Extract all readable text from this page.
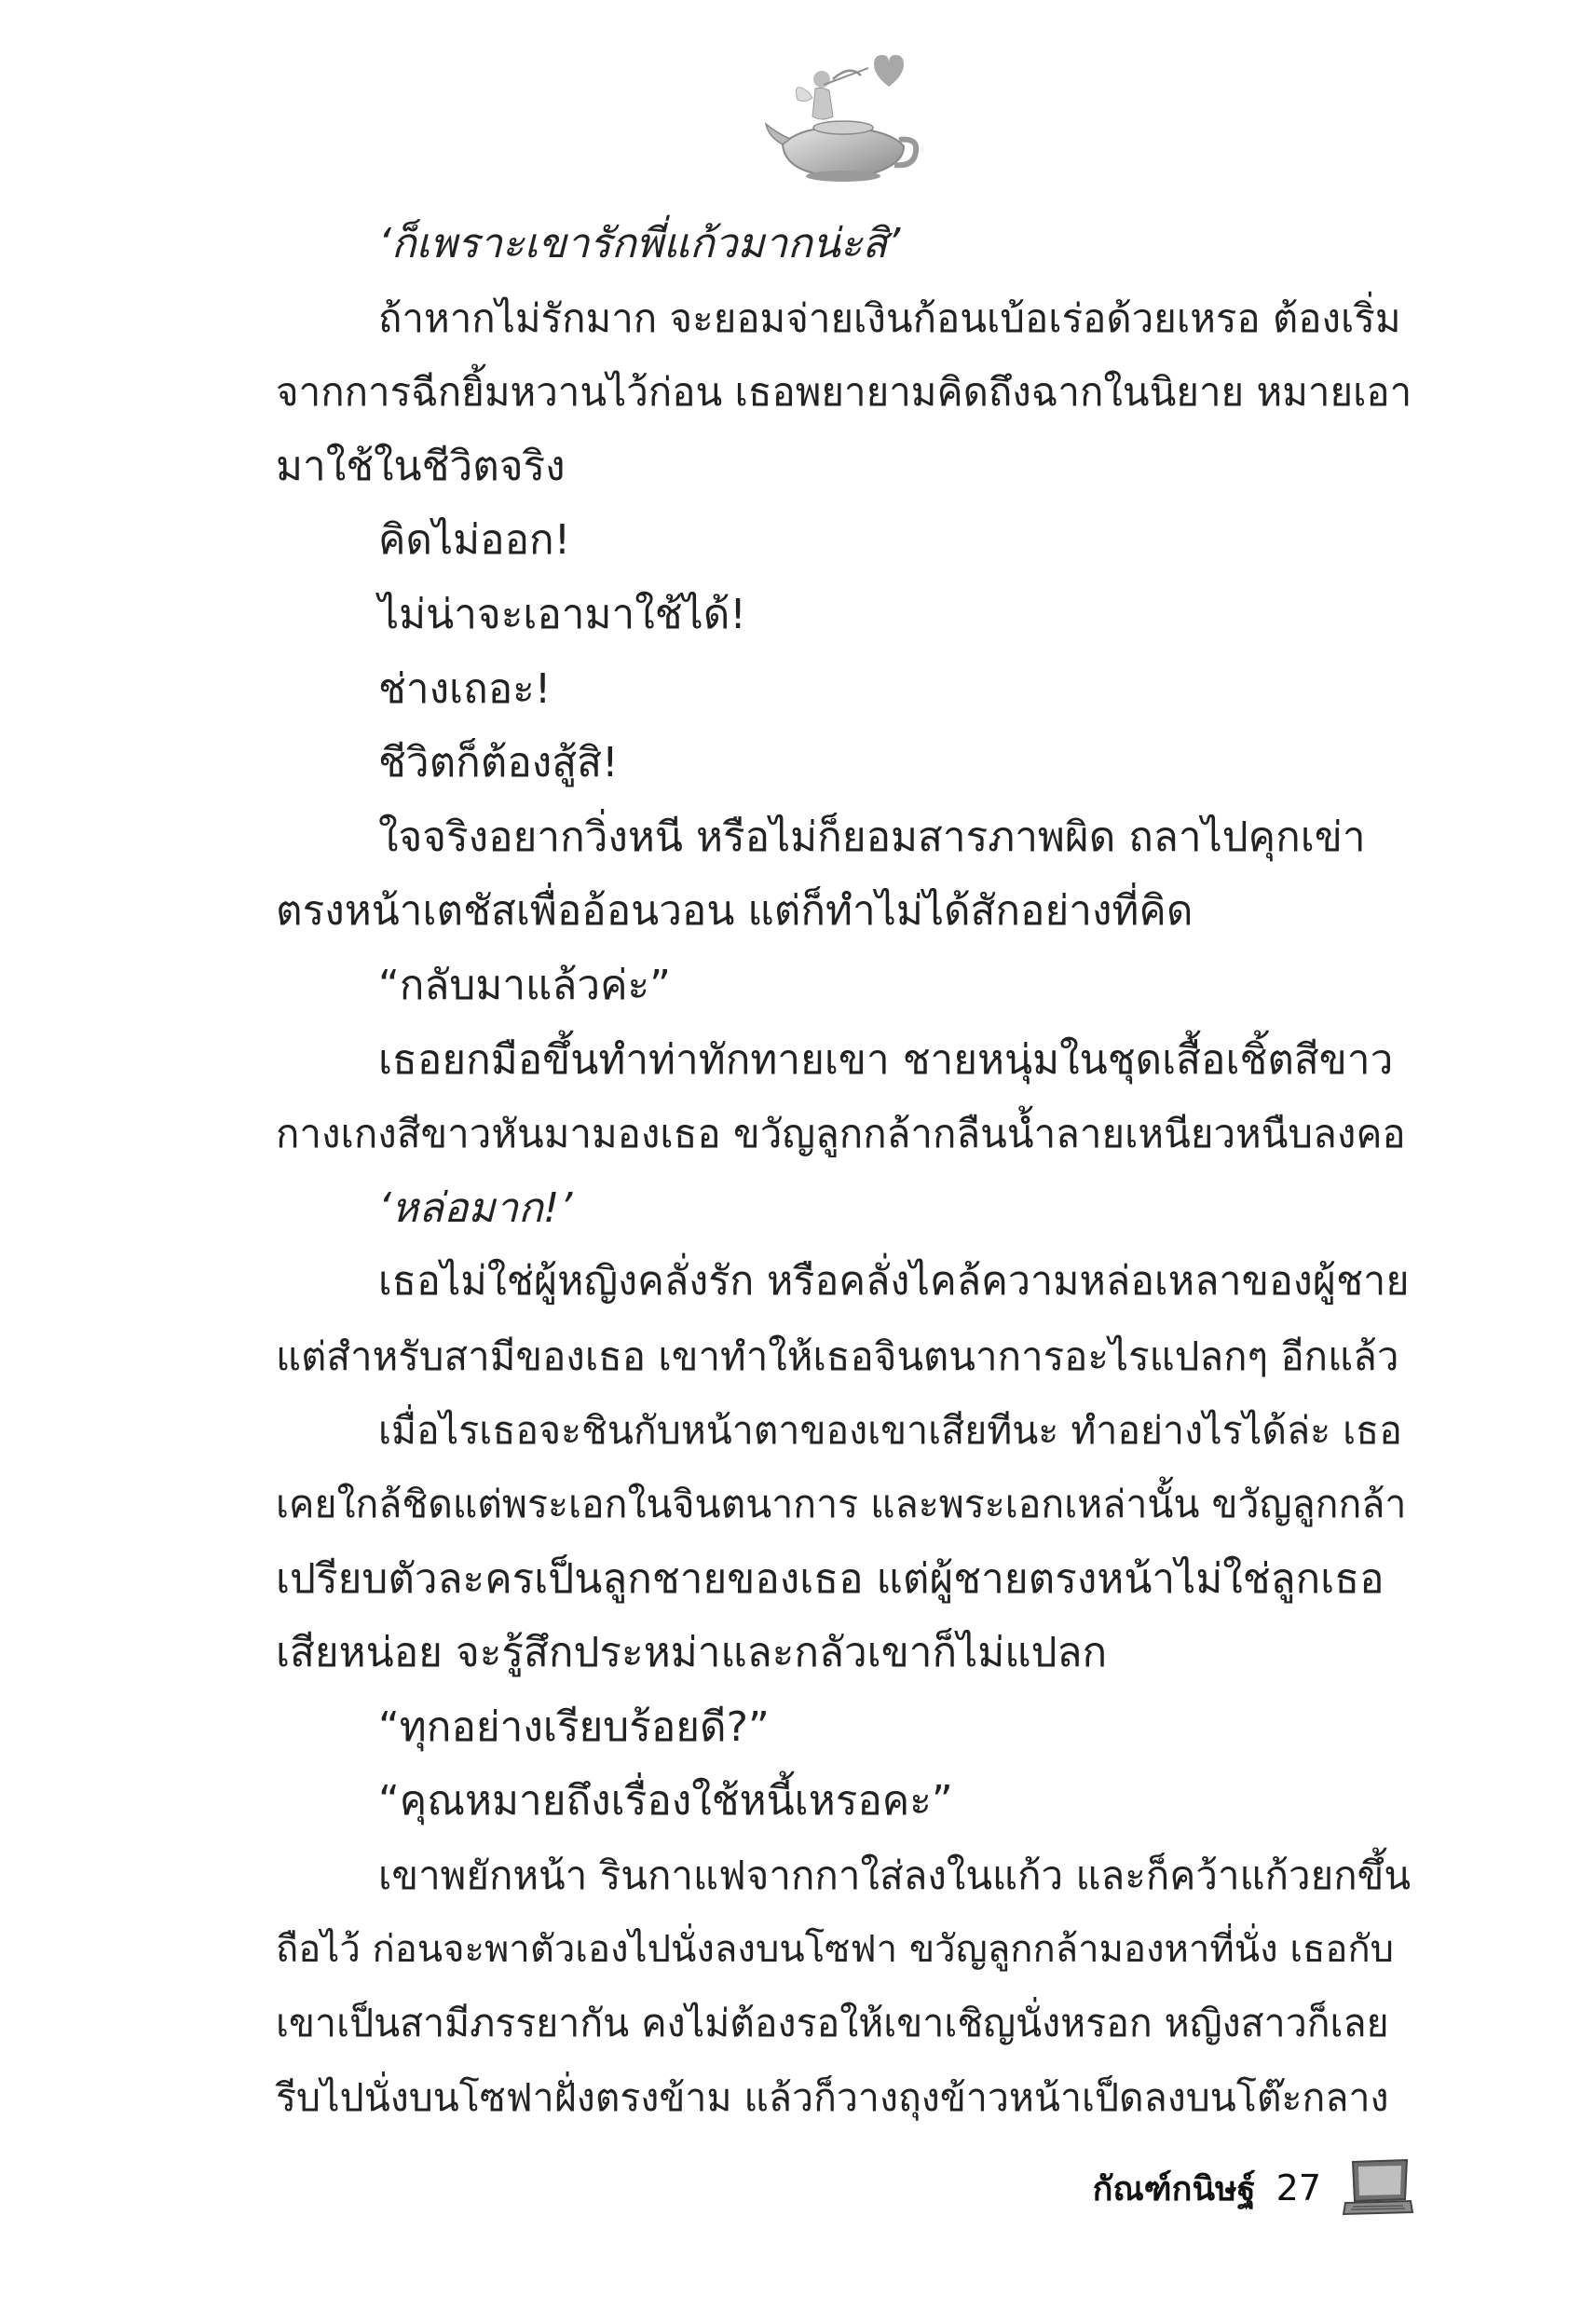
‘ก็เพราะเขารักพี่แก้วมากน่ะสิ’

ถ้าหากไม่รักมาก จะยอมจ่ายเงินก้อนเบ้อเร่อด้วยเหรอ ต้องเริ่ม

จากการฉีกยิ้มหวานไว้ก่อน เธอพยายามคิดถึงฉากในนิยาย หมายเอา

มาใช้ในชีวิตจริง

คิดไม่ออก!

ไม่น่าจะเอามาใช้ได้!

ช่างเถอะ!

ชีวิตก็ต้องสู้สิ!

ใจจริงอยากวิ่งหนี หรือไม่ก็ยอมสารภาพผิด ถลาไปคุกเข่า

ตรงหน้าเตชัสเพื่ออ้อนวอน แต่ก็ทำไม่ได้สักอย่างที่คิด

“กลับมาแล้วค่ะ”

เธอยกมือขึ้นทำท่าทักทายเขา ชายหนุ่มในชุดเสื้อเชิ้ตสีขาว

กางเกงสีขาวหันมามองเธอ ขวัญลูกกล้ากลืนน้ำลายเหนียวหนืบลงคอ

‘หล่อมาก!’

เธอไม่ใช่ผู้หญิงคลั่งรัก หรือคลั่งไคล้ความหล่อเหลาของผู้ชาย

แต่สำหรับสามีของเธอ เขาทำให้เธอจินตนาการอะไรแปลกๆ อีกแล้ว

เมื่อไรเธอจะชินกับหน้าตาของเขาเสียทีนะ ทำอย่างไรได้ล่ะ เธอ

เคยใกล้ชิดแต่พระเอกในจินตนาการ และพระเอกเหล่านั้น ขวัญลูกกล้า

เปรียบตัวละครเป็นลูกชายของเธอ แต่ผู้ชายตรงหน้าไม่ใช่ลูกเธอ

เสียหน่อย จะรู้สึกประหม่าและกลัวเขาก็ไม่แปลก

“ทุกอย่างเรียบร้อยดี?”

“คุณหมายถึงเรื่องใช้หนี้เหรอคะ”

เขาพยักหน้า รินกาแฟจากกาใส่ลงในแก้ว และก็คว้าแก้วยกขึ้น

ถือไว้ ก่อนจะพาตัวเองไปนั่งลงบนโซฟา ขวัญลูกกล้ามองหาที่นั่ง เธอกับ

เขาเป็นสามีภรรยากัน คงไม่ต้องรอให้เขาเชิญนั่งหรอก หญิงสาวก็เลย

รีบไปนั่งบนโซฟาฝั่งตรงข้าม แล้วก็วางถุงข้าวหน้าเป็ดลงบนโต๊ะกลาง

กัณฑ์กนิษฐ์ 27
